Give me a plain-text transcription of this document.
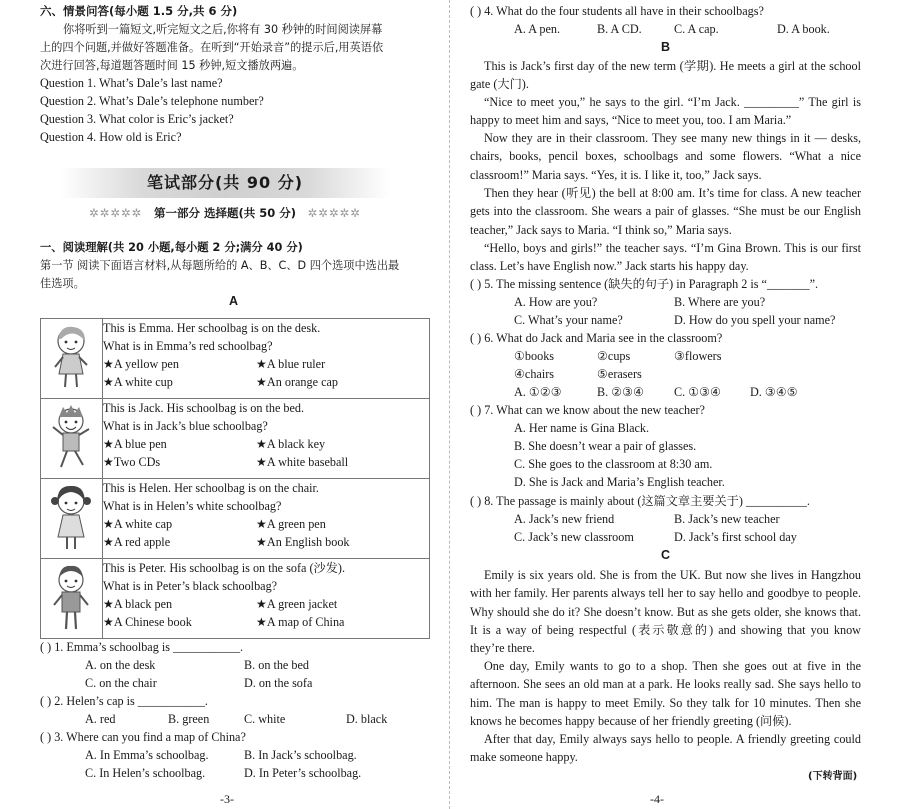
六、情景问答(每小题 1.5 分,共 6 分)
你将听到一篇短文,听完短文之后,你将有 30 秒钟的时间阅读屏幕
上的四个问题,并做好答题准备。在听到“开始录音”的提示后,用英语依
次进行回答,每道题答题时间 15 秒钟,短文播放两遍。
Question 1. What’s Dale’s last name?
Question 2. What’s Dale’s telephone number?
Question 3. What color is Eric’s jacket?
Question 4. How old is Eric?
笔试部分(共 90 分)
✲✲✲✲✲ 第一部分 选择题(共 50 分) ✲✲✲✲✲
一、阅读理解(共 20 小题,每小题 2 分;满分 40 分)
第一节 阅读下面语言材料,从每题所给的 A、B、C、D 四个选项中选出最
佳选项。
A

This is Emma. Her schoolbag is on the desk.
What is in Emma’s red schoolbag?
★A yellow pen ★A blue ruler
★A white cup ★An orange cap

This is Jack. His schoolbag is on the bed.
What is in Jack’s blue schoolbag?
★A blue pen ★A black key
★Two CDs ★A white baseball

This is Helen. Her schoolbag is on the chair.
What is in Helen’s white schoolbag?
★A white cap ★A green pen
★A red apple ★An English book

This is Peter. His schoolbag is on the sofa (沙发).
What is in Peter’s black schoolbag?
★A black pen ★A green jacket
★A Chinese book ★A map of China
( ) 1. Emma’s schoolbag is ___________.
A. on the desk	B. on the bed
C. on the chair	D. on the sofa
( ) 2. Helen’s cap is ___________.
A. red	B. green	C. white	D. black
( ) 3. Where can you find a map of China?
A. In Emma’s schoolbag.	B. In Jack’s schoolbag.
C. In Helen’s schoolbag.	D. In Peter’s schoolbag.
-3-
( ) 4. What do the four students all have in their schoolbags?
A. A pen.	B. A CD.	C. A cap.	D. A book.
B
This is Jack’s first day of the new term (学期). He meets a girl at the school gate (大门).
“Nice to meet you,” he says to the girl. “I’m Jack. _________” The girl is happy to meet him and says, “Nice to meet you, too. I am Maria.”
Now they are in their classroom. They see many new things in it — desks, chairs, books, pencil boxes, schoolbags and some flowers. “What a nice classroom!” Maria says. “Yes, it is. I like it, too,” Jack says.
Then they hear (听见) the bell at 8:00 am. It’s time for class. A new teacher gets into the classroom. She wears a pair of glasses. “She must be our English teacher,” Jack says to Maria. “I think so,” Maria says.
“Hello, boys and girls!” the teacher says. “I’m Gina Brown. This is our first class. Let’s have English now.” Jack starts his happy day.
( ) 5. The missing sentence (缺失的句子) in Paragraph 2 is “_______”.
A. How are you?	B. Where are you?
C. What’s your name?	D. How do you spell your name?
( ) 6. What do Jack and Maria see in the classroom?
①books	②cups	③flowers
④chairs	⑤erasers
A. ①②③	B. ②③④ C. ①③④ D. ③④⑤
( ) 7. What can we know about the new teacher?
A. Her name is Gina Black.
B. She doesn’t wear a pair of glasses.
C. She goes to the classroom at 8:30 am.
D. She is Jack and Maria’s English teacher.
( ) 8. The passage is mainly about (这篇文章主要关于) __________.
A. Jack’s new friend	B. Jack’s new teacher
C. Jack’s new classroom	D. Jack’s first school day
C
Emily is six years old. She is from the UK. But now she lives in Hangzhou with her family. Her parents always tell her to say hello and goodbye to people. Why should she do it? She doesn’t know. But as she gets older, she knows that. It is a way of being respectful (表示敬意的) and showing that you know they’re there.
One day, Emily wants to go to a shop. Then she goes out at five in the afternoon. She sees an old man at a park. He looks really sad. She says hello to him. The man is happy to meet Emily. So they talk for 10 minutes. Then she knows he becomes happy because of her friendly greeting (问候).
After that day, Emily always says hello to people. A friendly greeting could make someone happy.
(下转背面)
-4-
